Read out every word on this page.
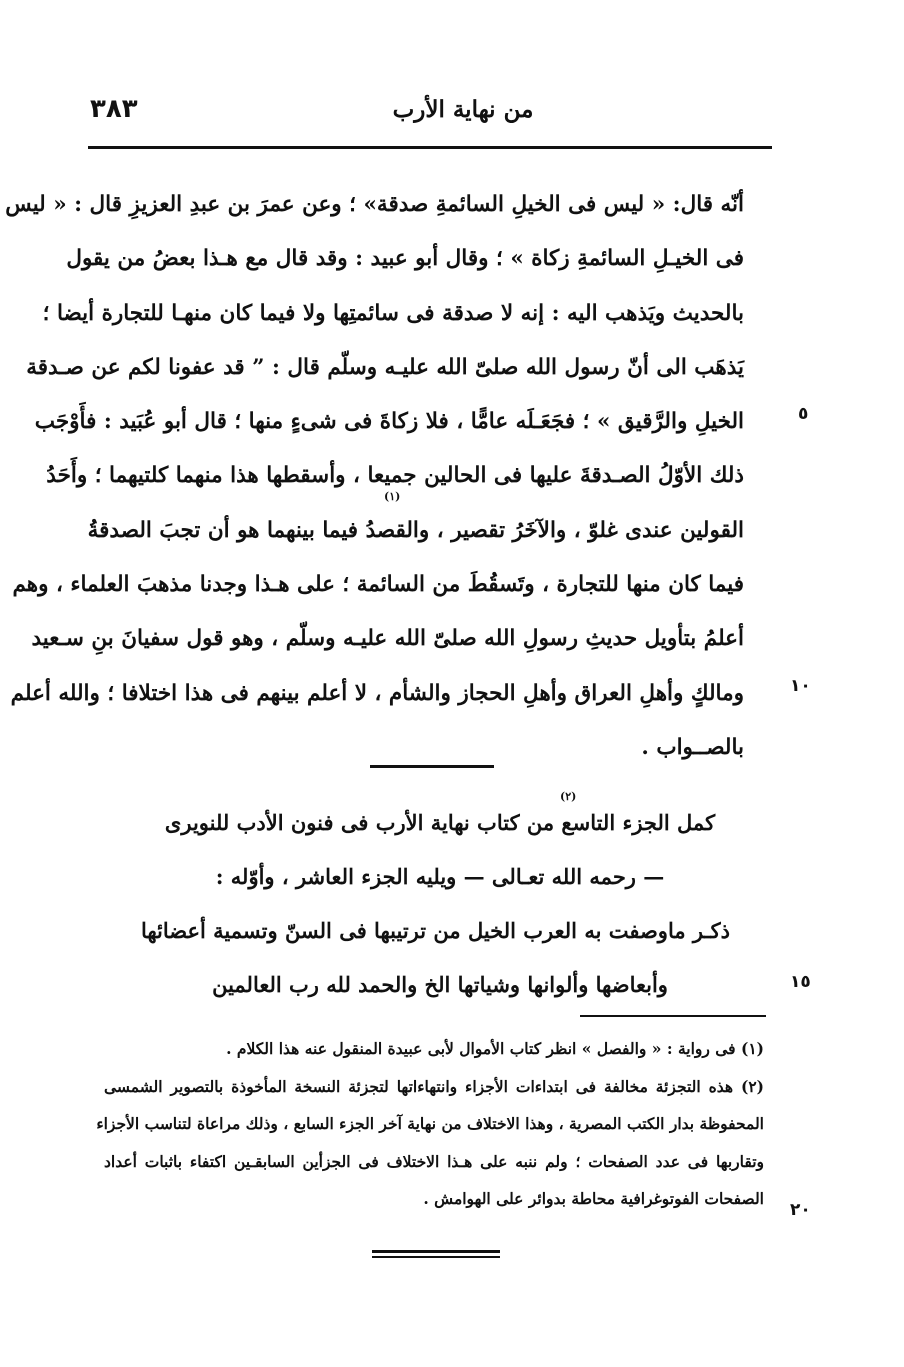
٣٨٣	من نهاية الأرب
أنّه قال: « ليس فى الخيلِ السائمةِ صدقة» ؛ وعن عمرَ بن عبدِ العزيزِ قال : « ليس
فى الخيـلِ السائمةِ زكاة » ؛ وقال أبو عبيد : وقد قال مع هـذا بعضُ من يقول
بالحديث ويَذهب اليه : إنه لا صدقة فى سائمتِها ولا فيما كان منهـا للتجارة أيضا ؛
يَذهَب الى أنّ رسول الله صلىّ الله عليـه وسلّم قال : ” قد عفونا لكم عن صـدقة
الخيلِ والرَّقيق » ؛ فجَعَـلَه عامًّا ، فلا زكاةَ فى شىءٍ منها ؛ قال أبو عُبَيد : فأَوْجَب
ذلك الأوّلُ الصـدقةَ عليها فى الحالين جميعا ، وأسقطها هذا منهما كلتيهما ؛ وأَحَدُ
القولين عندى غلوّ ، والآخَرُ تقصير ، والقصدُ فيما بينهما هو أن تجبَ الصدقةُ
فيما كان منها للتجارة ، وتَسقُطَ من السائمة ؛ على هـذا وجدنا مذهبَ العلماء ، وهم
أعلمُ بتأويل حديثِ رسولِ الله صلىّ الله عليـه وسلّم ، وهو قول سفيانَ بنِ سـعيد
ومالكٍ وأهلِ العراق وأهلِ الحجاز والشأم ، لا أعلم بينهم فى هذا اختلافا ؛ والله أعلم
بالصــواب .
٥
١٠
١٥
٢٠
(١)
(٢)
كمل الجزء التاسع من كتاب نهاية الأرب فى فنون الأدب للنويرى
— رحمه الله تعـالى — ويليه الجزء العاشر ، وأوّله :
ذكـر ماوصفت به العرب الخيل من ترتيبها فى السنّ وتسمية أعضائها
وأبعاضها وألوانها وشياتها الخ والحمد لله رب العالمين
(١) فى رواية : « والفصل » انظر كتاب الأموال لأبى عبيدة المنقول عنه هذا الكلام .
(٢) هذه التجزئة مخالفة فى ابتداءات الأجزاء وانتهاءاتها لتجزئة النسخة المأخوذة بالتصوير الشمسى
المحفوظة بدار الكتب المصرية ، وهذا الاختلاف من نهاية آخر الجزء السابع ، وذلك مراعاة لتناسب الأجزاء
وتقاربها فى عدد الصفحات ؛ ولم ننبه على هـذا الاختلاف فى الجزأين السابقـين اكتفاء باثبات أعداد
الصفحات الفوتوغرافية محاطة بدوائر على الهوامش .
